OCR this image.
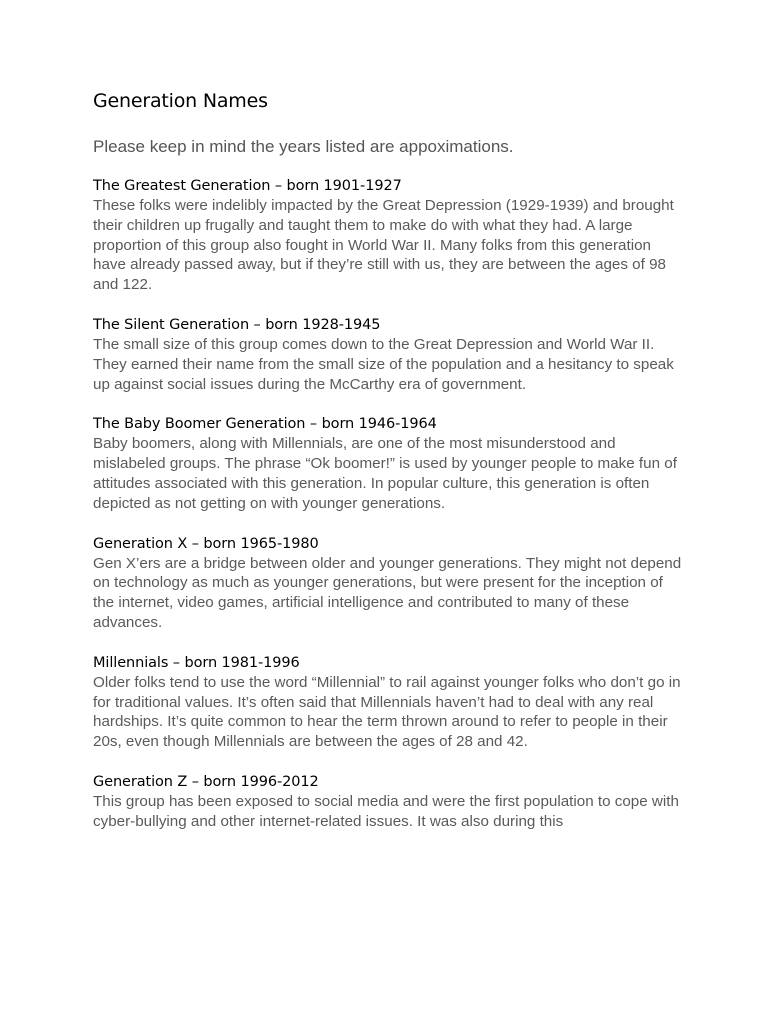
Generation Names

Please keep in mind the years listed are appoximations.

The Greatest Generation – born 1901-1927

These folks were indelibly impacted by the Great Depression (1929-1939) and brought their children up frugally and taught them to make do with what they had. A large proportion of this group also fought in World War II. Many folks from this generation have already passed away, but if they’re still with us, they are between the ages of 98 and 122.

The Silent Generation – born 1928-1945

The small size of this group comes down to the Great Depression and World War II. They earned their name from the small size of the population and a hesitancy to speak up against social issues during the McCarthy era of government.

The Baby Boomer Generation – born 1946-1964

Baby boomers, along with Millennials, are one of the most misunderstood and mislabeled groups. The phrase “Ok boomer!” is used by younger people to make fun of attitudes associated with this generation. In popular culture, this generation is often depicted as not getting on with younger generations.

Generation X – born 1965-1980

Gen X’ers are a bridge between older and younger generations. They might not depend on technology as much as younger generations, but were present for the inception of the internet, video games, artificial intelligence and contributed to many of these advances.

Millennials – born 1981-1996

Older folks tend to use the word “Millennial” to rail against younger folks who don’t go in for traditional values. It’s often said that Millennials haven’t had to deal with any real hardships. It’s quite common to hear the term thrown around to refer to people in their 20s, even though Millennials are between the ages of 28 and 42.

Generation Z – born 1996-2012

This group has been exposed to social media and were the first population to cope with cyber-bullying and other internet-related issues. It was also during this
